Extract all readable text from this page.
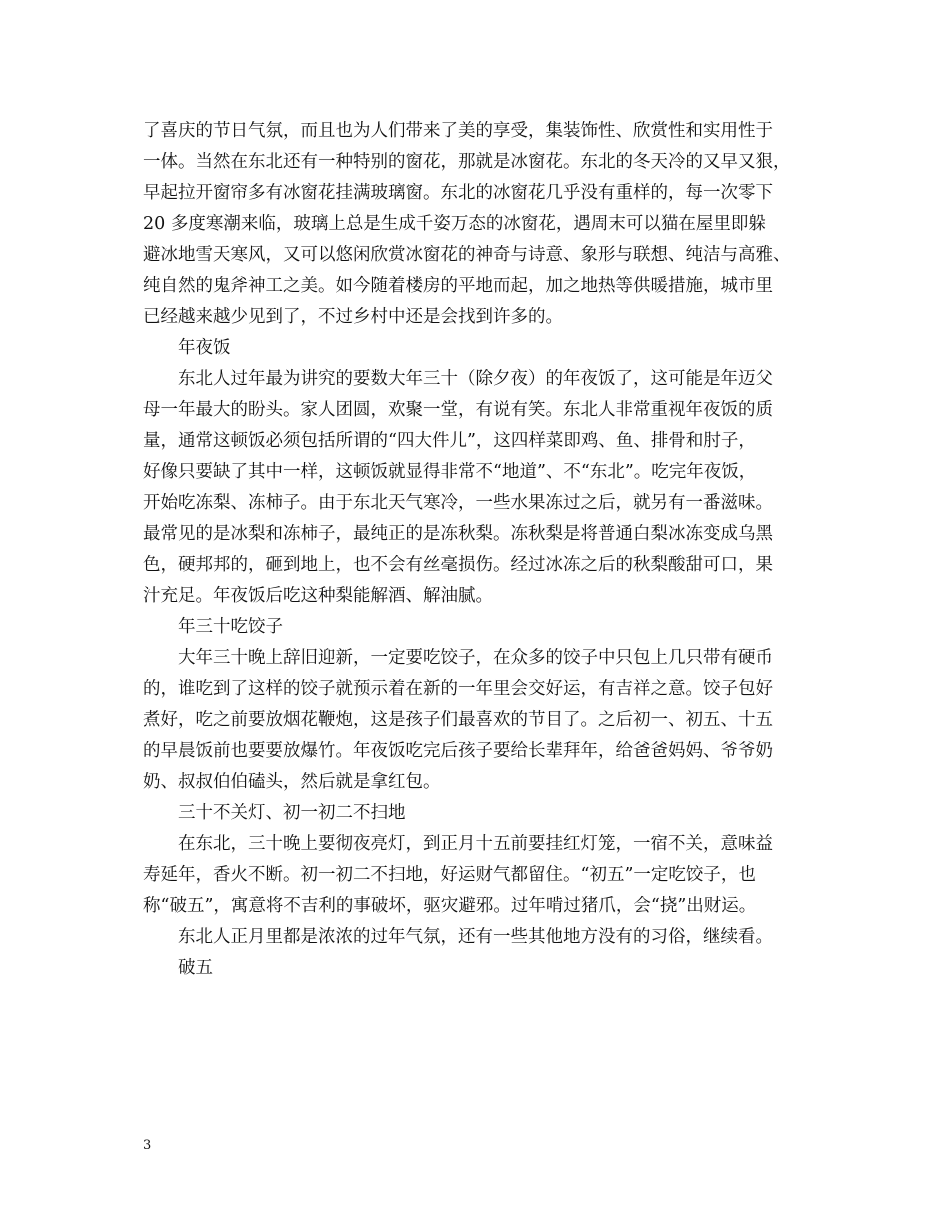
了喜庆的节日气氛，而且也为人们带来了美的享受，集装饰性、欣赏性和实用性于
一体。当然在东北还有一种特别的窗花，那就是冰窗花。东北的冬天冷的又早又狠，
早起拉开窗帘多有冰窗花挂满玻璃窗。东北的冰窗花几乎没有重样的，每一次零下
20 多度寒潮来临，玻璃上总是生成千姿万态的冰窗花，遇周末可以猫在屋里即躲
避冰地雪天寒风，又可以悠闲欣赏冰窗花的神奇与诗意、象形与联想、纯洁与高雅、
纯自然的鬼斧神工之美。如今随着楼房的平地而起，加之地热等供暖措施，城市里
已经越来越少见到了，不过乡村中还是会找到许多的。
年夜饭
东北人过年最为讲究的要数大年三十（除夕夜）的年夜饭了，这可能是年迈父
母一年最大的盼头。家人团圆，欢聚一堂，有说有笑。东北人非常重视年夜饭的质
量，通常这顿饭必须包括所谓的“四大件儿”，这四样菜即鸡、鱼、排骨和肘子，
好像只要缺了其中一样，这顿饭就显得非常不“地道”、不“东北”。吃完年夜饭，
开始吃冻梨、冻柿子。由于东北天气寒冷，一些水果冻过之后，就另有一番滋味。
最常见的是冰梨和冻柿子，最纯正的是冻秋梨。冻秋梨是将普通白梨冰冻变成乌黑
色，硬邦邦的，砸到地上，也不会有丝毫损伤。经过冰冻之后的秋梨酸甜可口，果
汁充足。年夜饭后吃这种梨能解酒、解油腻。
年三十吃饺子
大年三十晚上辞旧迎新，一定要吃饺子，在众多的饺子中只包上几只带有硬币
的，谁吃到了这样的饺子就预示着在新的一年里会交好运，有吉祥之意。饺子包好
煮好，吃之前要放烟花鞭炮，这是孩子们最喜欢的节目了。之后初一、初五、十五
的早晨饭前也要要放爆竹。年夜饭吃完后孩子要给长辈拜年，给爸爸妈妈、爷爷奶
奶、叔叔伯伯磕头，然后就是拿红包。
三十不关灯、初一初二不扫地
在东北，三十晚上要彻夜亮灯，到正月十五前要挂红灯笼，一宿不关，意味益
寿延年，香火不断。初一初二不扫地，好运财气都留住。“初五”一定吃饺子，也
称“破五”，寓意将不吉利的事破坏，驱灾避邪。过年啃过猪爪，会“挠”出财运。
东北人正月里都是浓浓的过年气氛，还有一些其他地方没有的习俗，继续看。
破五
3
